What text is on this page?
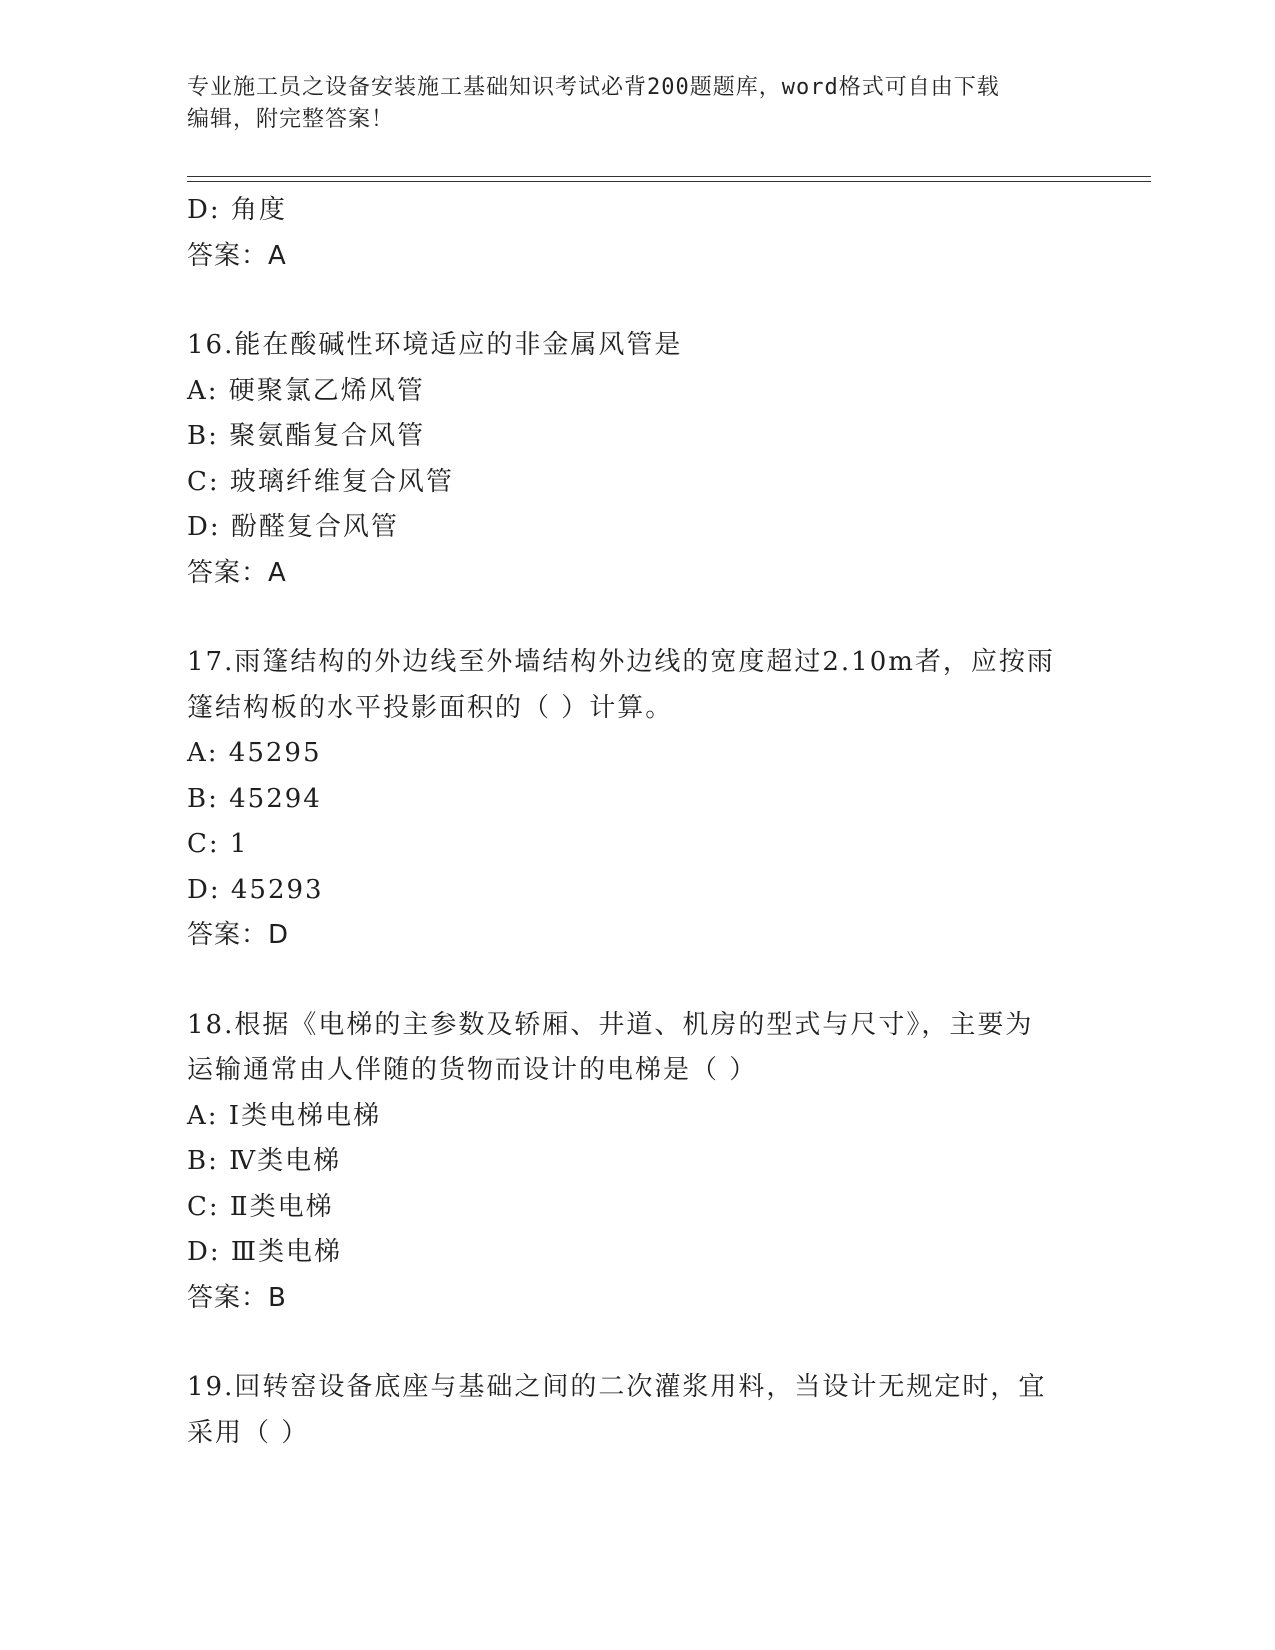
专业施工员之设备安装施工基础知识考试必背200题题库，word格式可自由下载
编辑，附完整答案！
D: 角度
答案：A
16.能在酸碱性环境适应的非金属风管是
A: 硬聚氯乙烯风管
B: 聚氨酯复合风管
C: 玻璃纤维复合风管
D: 酚醛复合风管
答案：A
17.雨篷结构的外边线至外墙结构外边线的宽度超过2.10m者，应按雨
篷结构板的水平投影面积的（ ）计算。
A: 45295
B: 45294
C: 1
D: 45293
答案：D
18.根据《电梯的主参数及轿厢、井道、机房的型式与尺寸》，主要为
运输通常由人伴随的货物而设计的电梯是（ ）
A: Ⅰ类电梯电梯
B: Ⅳ类电梯
C: Ⅱ类电梯
D: Ⅲ类电梯
答案：B
19.回转窑设备底座与基础之间的二次灌浆用料，当设计无规定时，宜
采用（ ）
